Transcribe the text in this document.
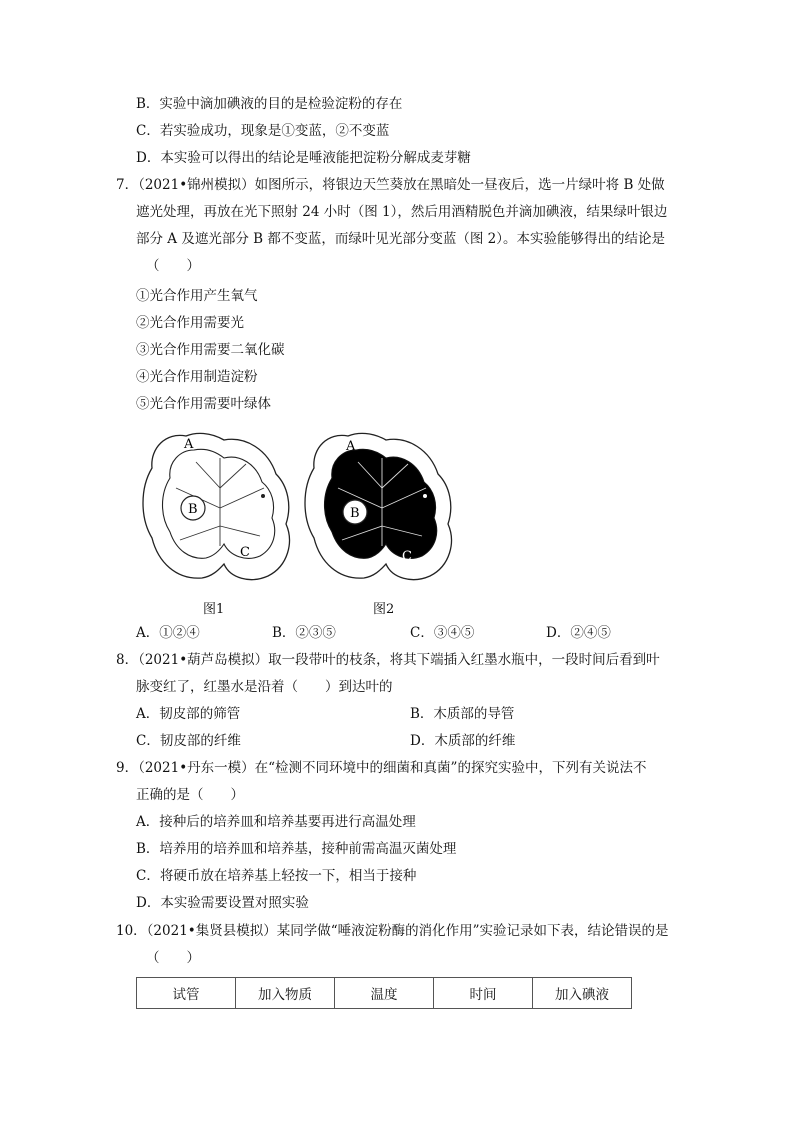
B．实验中滴加碘液的目的是检验淀粉的存在
C．若实验成功，现象是①变蓝，②不变蓝
D．本实验可以得出的结论是唾液能把淀粉分解成麦芽糖
7．（2021•锦州模拟）如图所示，将银边天竺葵放在黑暗处一昼夜后，选一片绿叶将 B 处做
遮光处理，再放在光下照射 24 小时（图 1），然后用酒精脱色并滴加碘液，结果绿叶银边
部分 A 及遮光部分 B 都不变蓝，而绿叶见光部分变蓝（图 2）。本实验能够得出的结论是
（　　）
①光合作用产生氧气
②光合作用需要光
③光合作用需要二氧化碳
④光合作用制造淀粉
⑤光合作用需要叶绿体
A
B
C
图1
A
B
C
图2
A．①②④	B．②③⑤	C．③④⑤	D．②④⑤
8．（2021•葫芦岛模拟）取一段带叶的枝条，将其下端插入红墨水瓶中，一段时间后看到叶
脉变红了，红墨水是沿着（　　）到达叶的
A．韧皮部的筛管	B．木质部的导管
C．韧皮部的纤维	D．木质部的纤维
9．（2021•丹东一模）在“检测不同环境中的细菌和真菌”的探究实验中，下列有关说法不
正确的是（　　）
A．接种后的培养皿和培养基要再进行高温处理
B．培养用的培养皿和培养基，接种前需高温灭菌处理
C．将硬币放在培养基上轻按一下，相当于接种
D．本实验需要设置对照实验
10．（2021•集贤县模拟）某同学做“唾液淀粉酶的消化作用”实验记录如下表，结论错误的是
（　　）
试管	加入物质	温度	时间	加入碘液
